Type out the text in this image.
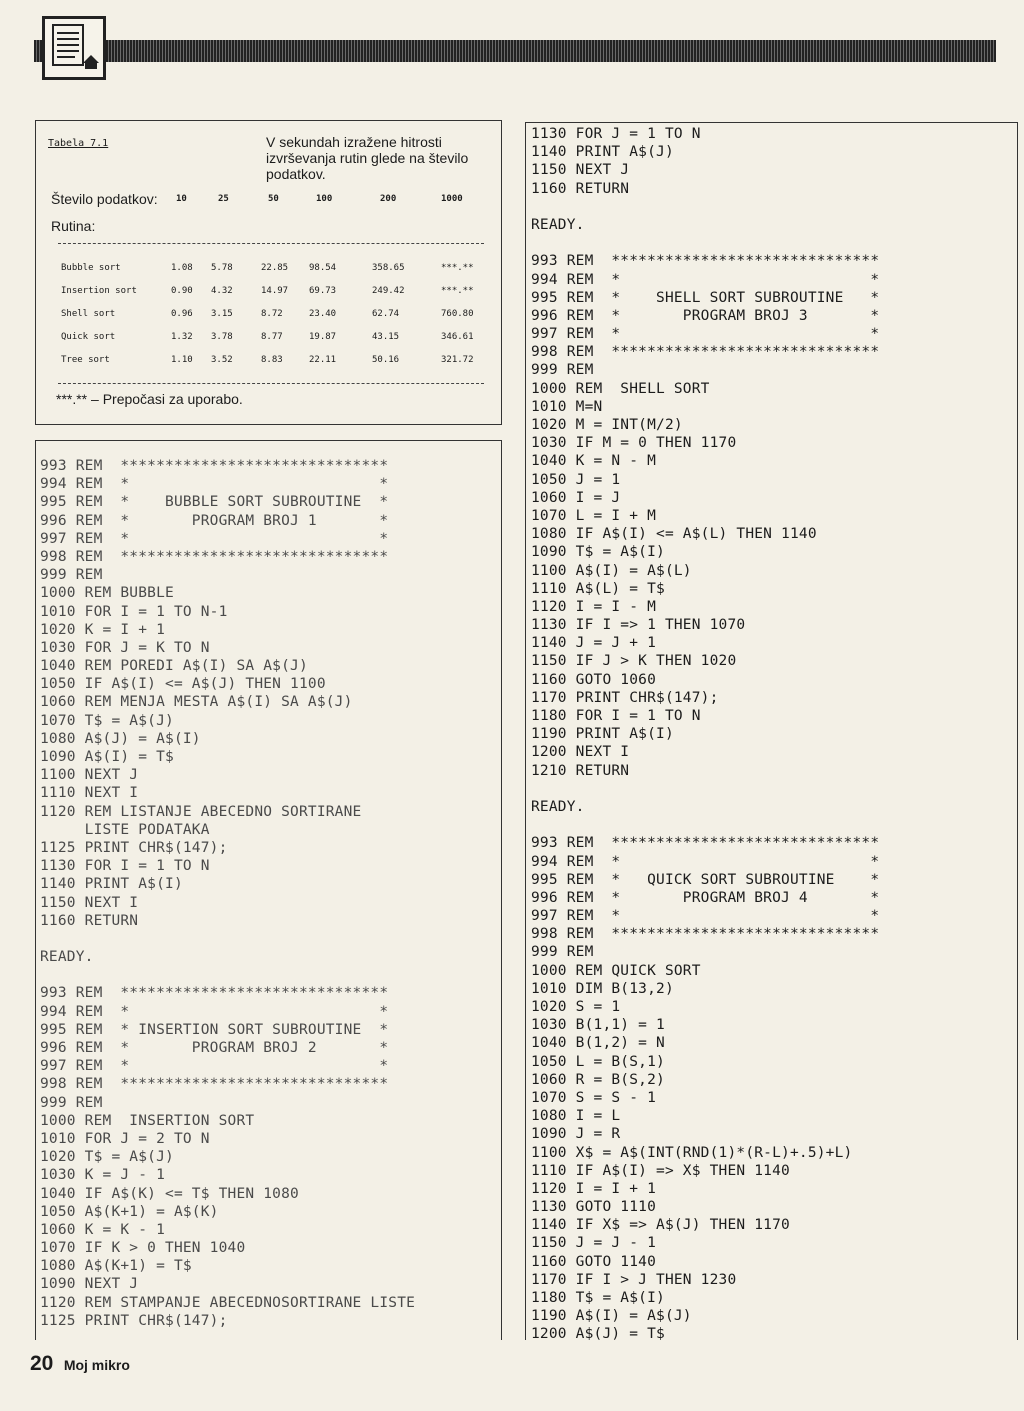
Tabela 7.1	V sekundah izražene hitrosti izvrševanja rutin glede na število podatkov.
Število podatkov:
Rutina:
10	25	50	100	200	1000
Bubble sort	1.08	5.78	22.85	98.54	358.65	***.**
Insertion sort	0.90	4.32	14.97	69.73	249.42	***.**
Shell sort	0.96	3.15	8.72	23.40	62.74	760.80
Quick sort	1.32	3.78	8.77	19.87	43.15	346.61
Tree sort	1.10	3.52	8.83	22.11	50.16	321.72
***.** – Prepočasi za uporabo.
993 REM  ******************************
994 REM  *                            *
995 REM  *    BUBBLE SORT SUBROUTINE  *
996 REM  *       PROGRAM BROJ 1       *
997 REM  *                            *
998 REM  ******************************
999 REM
1000 REM BUBBLE
1010 FOR I = 1 TO N-1
1020 K = I + 1
1030 FOR J = K TO N
1040 REM POREDI A$(I) SA A$(J)
1050 IF A$(I) <= A$(J) THEN 1100
1060 REM MENJA MESTA A$(I) SA A$(J)
1070 T$ = A$(J)
1080 A$(J) = A$(I)
1090 A$(I) = T$
1100 NEXT J
1110 NEXT I
1120 REM LISTANJE ABECEDNO SORTIRANE
LISTE PODATAKA
1125 PRINT CHR$(147);
1130 FOR I = 1 TO N
1140 PRINT A$(I)
1150 NEXT I
1160 RETURN
READY.
993 REM  ******************************
994 REM  *                            *
995 REM  * INSERTION SORT SUBROUTINE  *
996 REM  *       PROGRAM BROJ 2       *
997 REM  *                            *
998 REM  ******************************
999 REM
1000 REM  INSERTION SORT
1010 FOR J = 2 TO N
1020 T$ = A$(J)
1030 K = J - 1
1040 IF A$(K) <= T$ THEN 1080
1050 A$(K+1) = A$(K)
1060 K = K - 1
1070 IF K > 0 THEN 1040
1080 A$(K+1) = T$
1090 NEXT J
1120 REM STAMPANJE ABECEDNOSORTIRANE LISTE
1125 PRINT CHR$(147);
1130 FOR J = 1 TO N
1140 PRINT A$(J)
1150 NEXT J
1160 RETURN
READY.
993 REM  ******************************
994 REM  *                            *
995 REM  *    SHELL SORT SUBROUTINE   *
996 REM  *       PROGRAM BROJ 3       *
997 REM  *                            *
998 REM  ******************************
999 REM
1000 REM  SHELL SORT
1010 M=N
1020 M = INT(M/2)
1030 IF M = 0 THEN 1170
1040 K = N - M
1050 J = 1
1060 I = J
1070 L = I + M
1080 IF A$(I) <= A$(L) THEN 1140
1090 T$ = A$(I)
1100 A$(I) = A$(L)
1110 A$(L) = T$
1120 I = I - M
1130 IF I => 1 THEN 1070
1140 J = J + 1
1150 IF J > K THEN 1020
1160 GOTO 1060
1170 PRINT CHR$(147);
1180 FOR I = 1 TO N
1190 PRINT A$(I)
1200 NEXT I
1210 RETURN
READY.
993 REM  ******************************
994 REM  *                            *
995 REM  *   QUICK SORT SUBROUTINE    *
996 REM  *       PROGRAM BROJ 4       *
997 REM  *                            *
998 REM  ******************************
999 REM
1000 REM QUICK SORT
1010 DIM B(13,2)
1020 S = 1
1030 B(1,1) = 1
1040 B(1,2) = N
1050 L = B(S,1)
1060 R = B(S,2)
1070 S = S - 1
1080 I = L
1090 J = R
1100 X$ = A$(INT(RND(1)*(R-L)+.5)+L)
1110 IF A$(I) => X$ THEN 1140
1120 I = I + 1
1130 GOTO 1110
1140 IF X$ => A$(J) THEN 1170
1150 J = J - 1
1160 GOTO 1140
1170 IF I > J THEN 1230
1180 T$ = A$(I)
1190 A$(I) = A$(J)
1200 A$(J) = T$
20 Moj mikro
